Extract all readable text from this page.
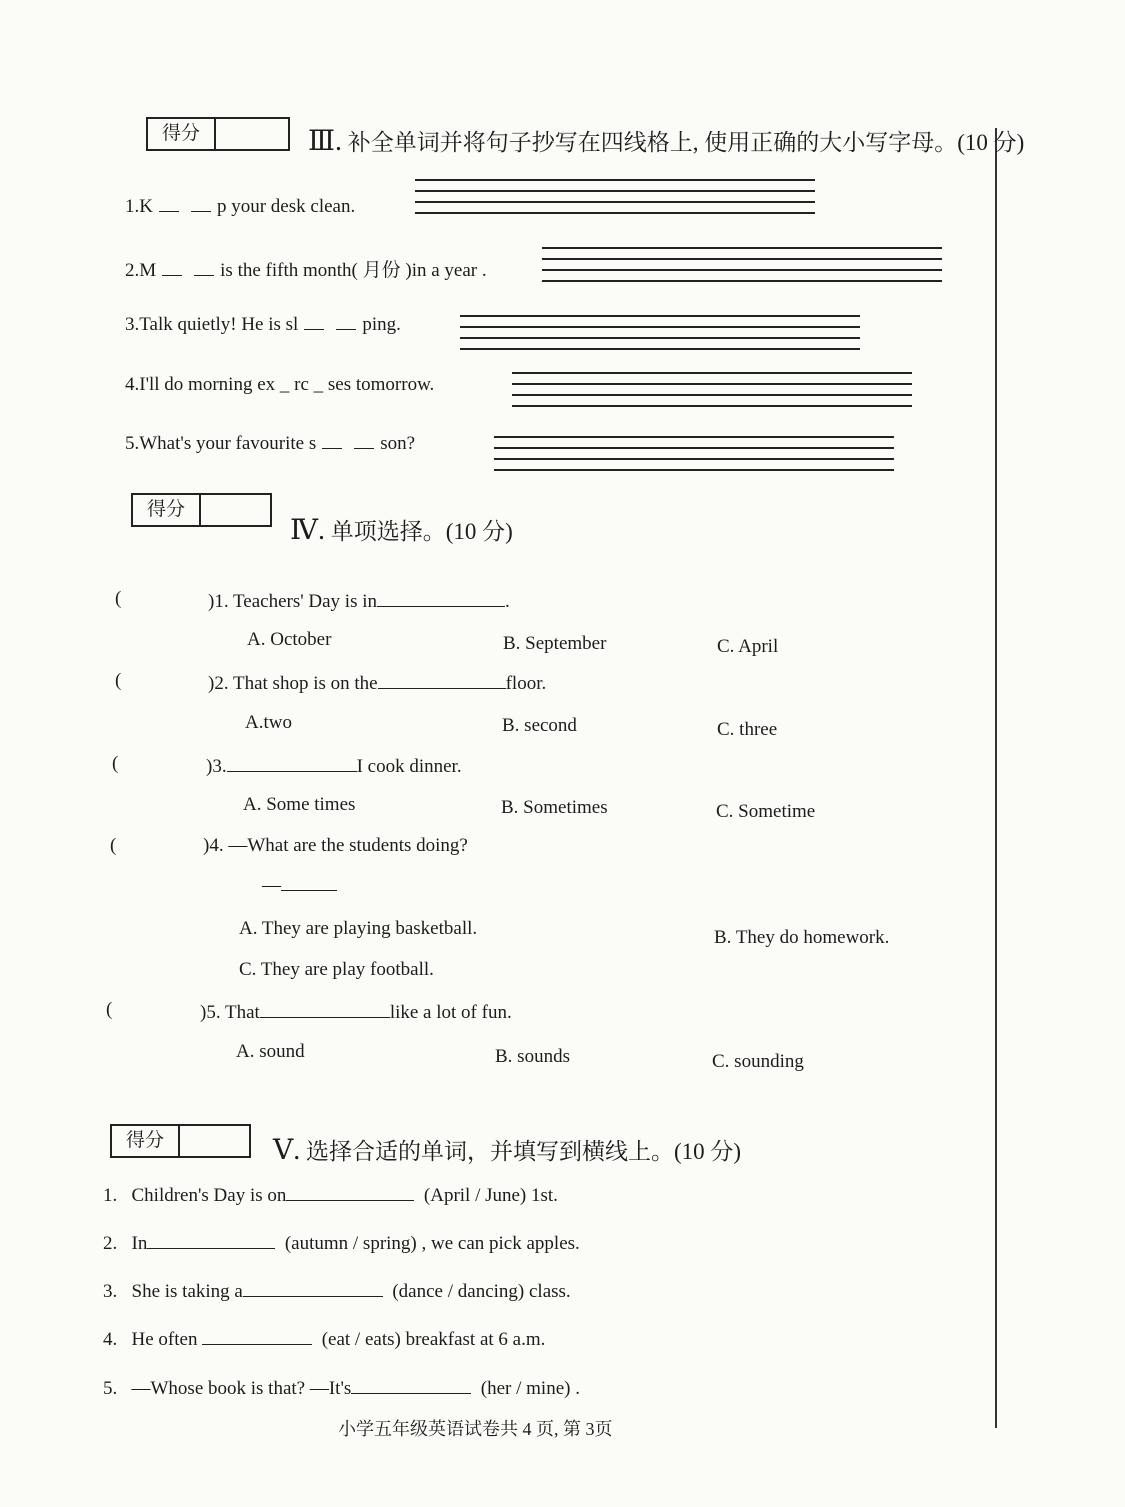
得分	Ⅲ. 补全单词并将句子抄写在四线格上, 使用正确的大小写字母。(10 分)
1.K	p your desk clean.
2.M	is the fifth month( 月份 )in a year .
3.Talk quietly! He is sl	ping.
4.I'll do morning ex _ rc _ ses tomorrow.
5.What's your favourite s	son?
得分
Ⅳ. 单项选择。(10 分)
(	)1. Teachers' Day is in	.
A. October	B. September	C. April
(	)2. That shop is on the	floor.
A.two	B. second	C. three
(	)3.	I cook dinner.
A. Some times	B. Sometimes	C. Sometime
(	)4. —What are the students doing?
—
A. They are playing basketball.	B. They do homework.
C. They are play football.
(	)5. That	like a lot of fun.
A. sound	B. sounds	C. sounding
得分	Ⅴ. 选择合适的单词，并填写到横线上。(10 分)
1. Children's Day is on	(April / June) 1st.
2. In	(autumn / spring) , we can pick apples.
3. She is taking a	(dance / dancing) class.
4. He often	(eat / eats) breakfast at 6 a.m.
5. —Whose book is that? —It's	(her / mine) .
小学五年级英语试卷共 4 页, 第 3页
